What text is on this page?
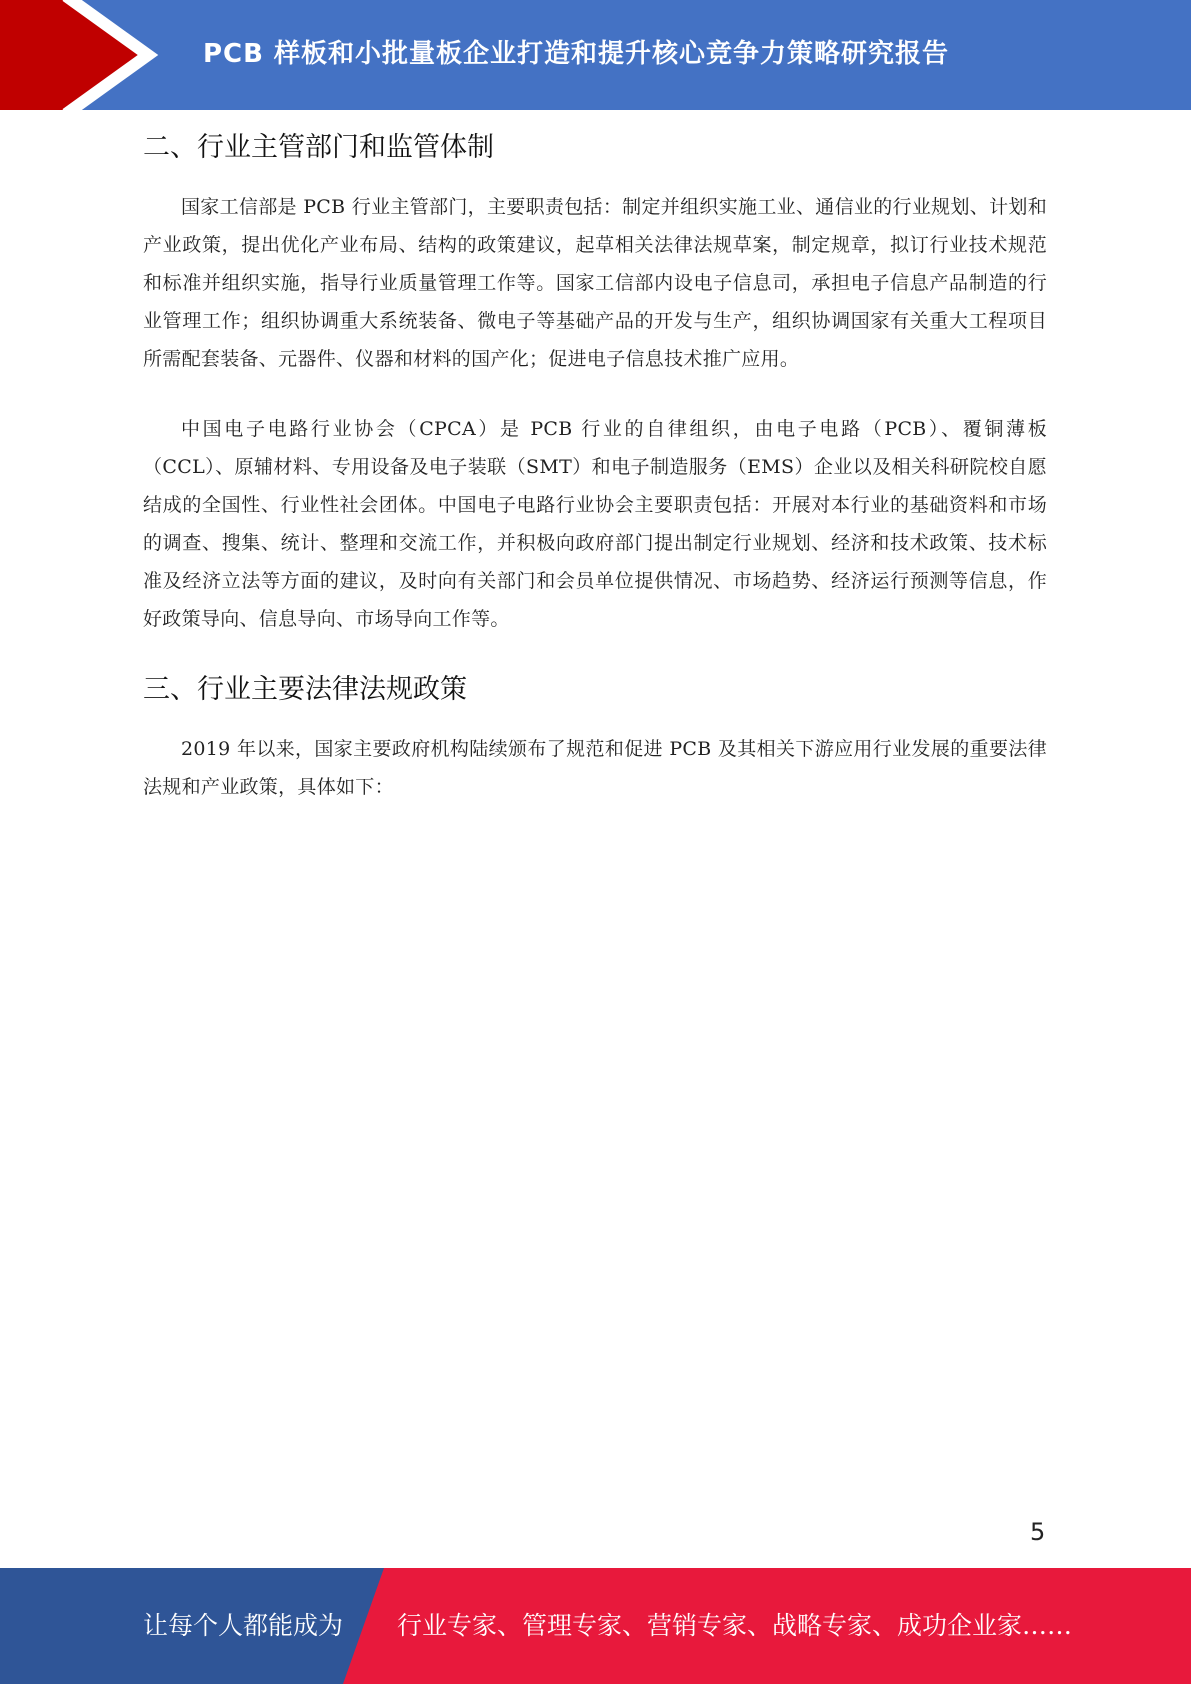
PCB 样板和小批量板企业打造和提升核心竞争力策略研究报告
二、行业主管部门和监管体制

国家工信部是 PCB 行业主管部门，主要职责包括：制定并组织实施工业、通信业的行业规划、计划和产业政策，提出优化产业布局、结构的政策建议，起草相关法律法规草案，制定规章，拟订行业技术规范和标准并组织实施，指导行业质量管理工作等。国家工信部内设电子信息司，承担电子信息产品制造的行业管理工作；组织协调重大系统装备、微电子等基础产品的开发与生产，组织协调国家有关重大工程项目所需配套装备、元器件、仪器和材料的国产化；促进电子信息技术推广应用。

中国电子电路行业协会（CPCA）是 PCB 行业的自律组织，由电子电路（PCB）、覆铜薄板（CCL）、原辅材料、专用设备及电子装联（SMT）和电子制造服务（EMS）企业以及相关科研院校自愿结成的全国性、行业性社会团体。中国电子电路行业协会主要职责包括：开展对本行业的基础资料和市场的调查、搜集、统计、整理和交流工作，并积极向政府部门提出制定行业规划、经济和技术政策、技术标准及经济立法等方面的建议，及时向有关部门和会员单位提供情况、市场趋势、经济运行预测等信息，作好政策导向、信息导向、市场导向工作等。

三、行业主要法律法规政策

2019 年以来，国家主要政府机构陆续颁布了规范和促进 PCB 及其相关下游应用行业发展的重要法律法规和产业政策，具体如下：

5
让每个人都能成为 行业专家、管理专家、营销专家、战略专家、成功企业家……
